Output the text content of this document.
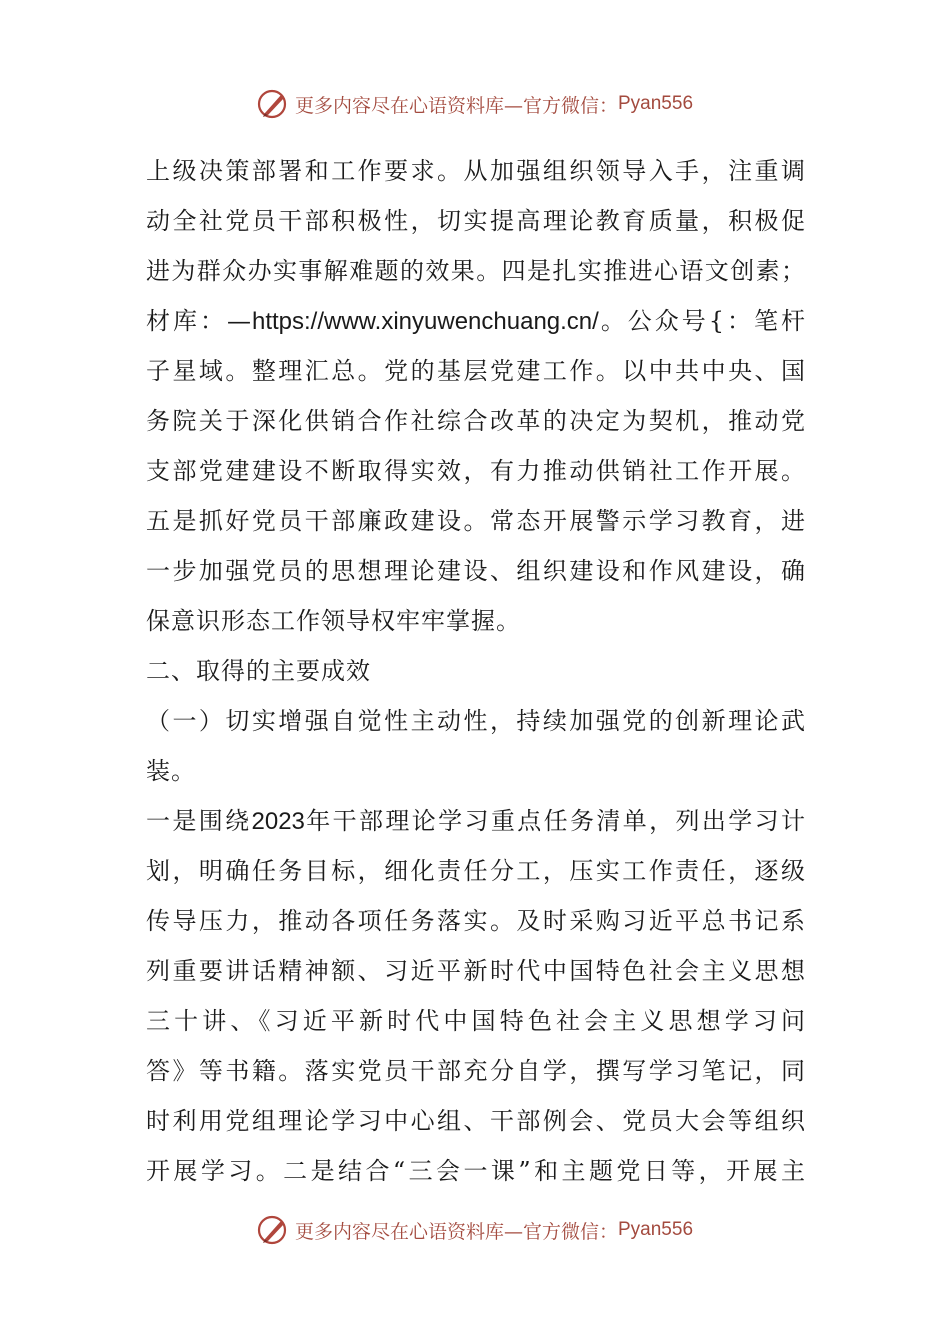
更多内容尽在心语资料库—官方微信： Pyan556
上级决策部署和工作要求。从加强组织领导入手，注重调
动全社党员干部积极性，切实提高理论教育质量，积极促
进为群众办实事解难题的效果。四是扎实推进心语文创素；
材库：—https://www.xinyuwenchuang.cn/。公众号{：笔杆
子星域。整理汇总。党的基层党建工作。以中共中央、国
务院关于深化供销合作社综合改革的决定为契机，推动党
支部党建建设不断取得实效，有力推动供销社工作开展。
五是抓好党员干部廉政建设。常态开展警示学习教育，进
一步加强党员的思想理论建设、组织建设和作风建设，确
保意识形态工作领导权牢牢掌握。
二、取得的主要成效
（一）切实增强自觉性主动性，持续加强党的创新理论武
装。
一是围绕2023年干部理论学习重点任务清单，列出学习计
划，明确任务目标，细化责任分工，压实工作责任，逐级
传导压力，推动各项任务落实。及时采购习近平总书记系
列重要讲话精神额、习近平新时代中国特色社会主义思想
三十讲、《习近平新时代中国特色社会主义思想学习问
答》等书籍。落实党员干部充分自学，撰写学习笔记，同
时利用党组理论学习中心组、干部例会、党员大会等组织
开展学习。二是结合“三会一课”和主题党日等，开展主
更多内容尽在心语资料库—官方微信： Pyan556
